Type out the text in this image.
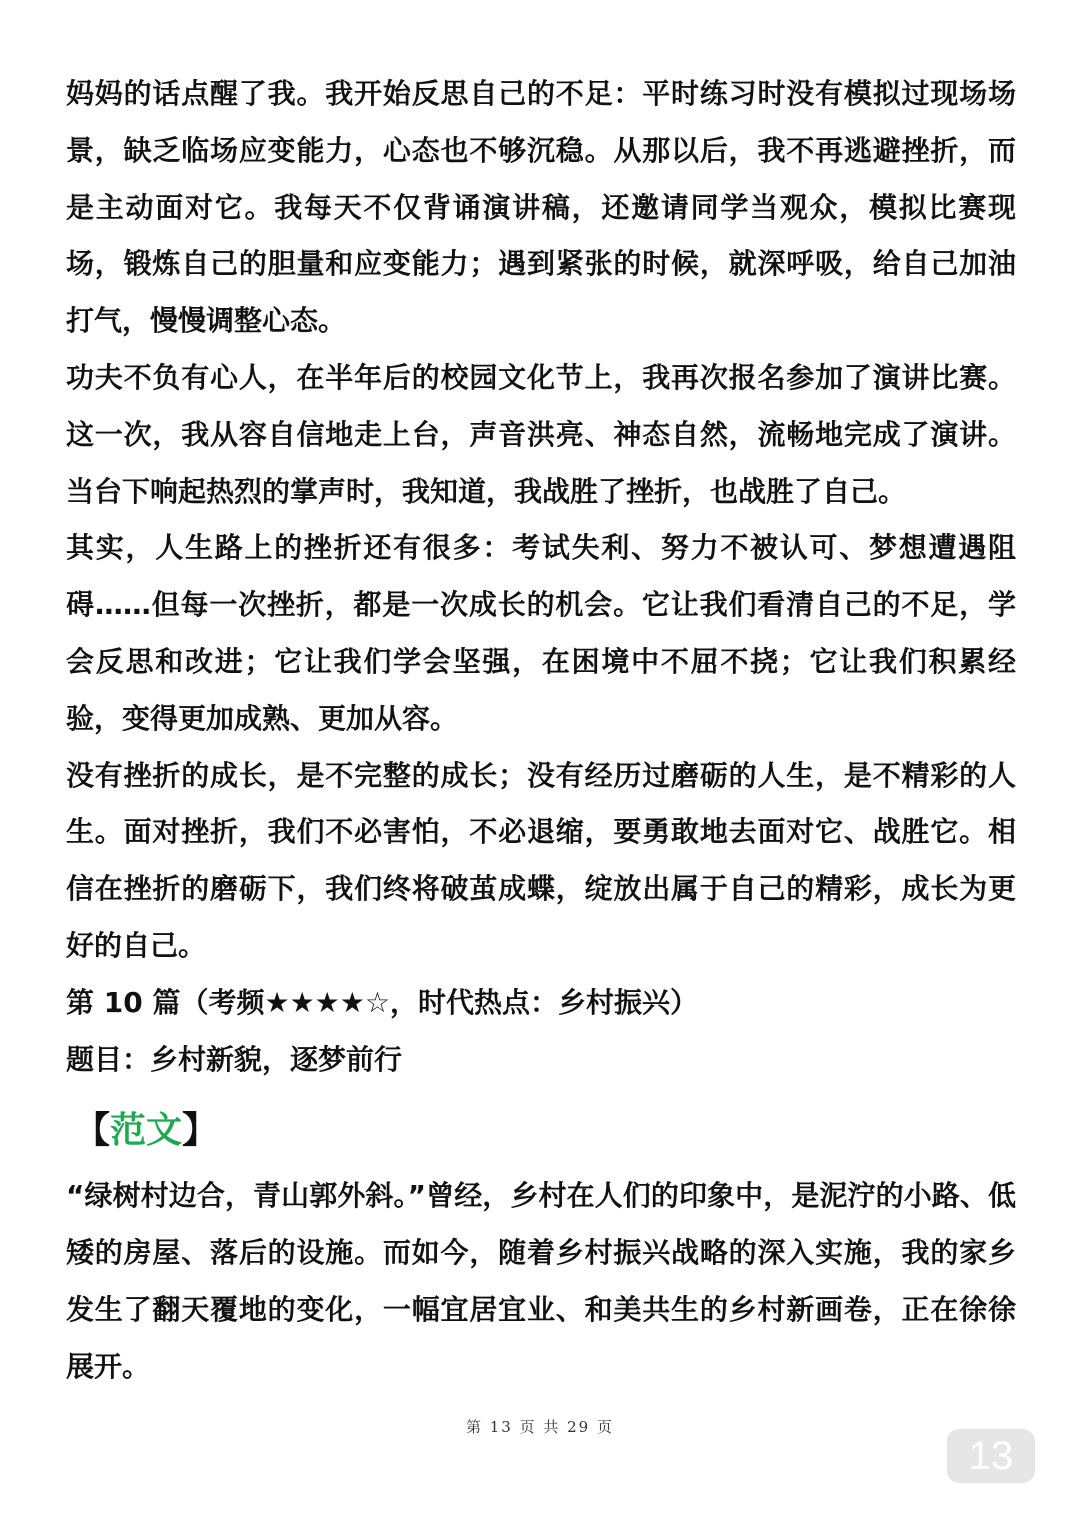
妈妈的话点醒了我。我开始反思自己的不足：平时练习时没有模拟过现场场景，缺乏临场应变能力，心态也不够沉稳。从那以后，我不再逃避挫折，而是主动面对它。我每天不仅背诵演讲稿，还邀请同学当观众，模拟比赛现场，锻炼自己的胆量和应变能力；遇到紧张的时候，就深呼吸，给自己加油打气，慢慢调整心态。

功夫不负有心人，在半年后的校园文化节上，我再次报名参加了演讲比赛。这一次，我从容自信地走上台，声音洪亮、神态自然，流畅地完成了演讲。当台下响起热烈的掌声时，我知道，我战胜了挫折，也战胜了自己。

其实，人生路上的挫折还有很多：考试失利、努力不被认可、梦想遭遇阻碍……但每一次挫折，都是一次成长的机会。它让我们看清自己的不足，学会反思和改进；它让我们学会坚强，在困境中不屈不挠；它让我们积累经验，变得更加成熟、更加从容。

没有挫折的成长，是不完整的成长；没有经历过磨砺的人生，是不精彩的人生。面对挫折，我们不必害怕，不必退缩，要勇敢地去面对它、战胜它。相信在挫折的磨砺下，我们终将破茧成蝶，绽放出属于自己的精彩，成长为更好的自己。

第 10 篇（考频★★★★☆，时代热点：乡村振兴）

题目：乡村新貌，逐梦前行

【范文】

“绿树村边合，青山郭外斜。”曾经，乡村在人们的印象中，是泥泞的小路、低矮的房屋、落后的设施。而如今，随着乡村振兴战略的深入实施，我的家乡发生了翻天覆地的变化，一幅宜居宜业、和美共生的乡村新画卷，正在徐徐展开。

第 13 页 共 29 页
13
